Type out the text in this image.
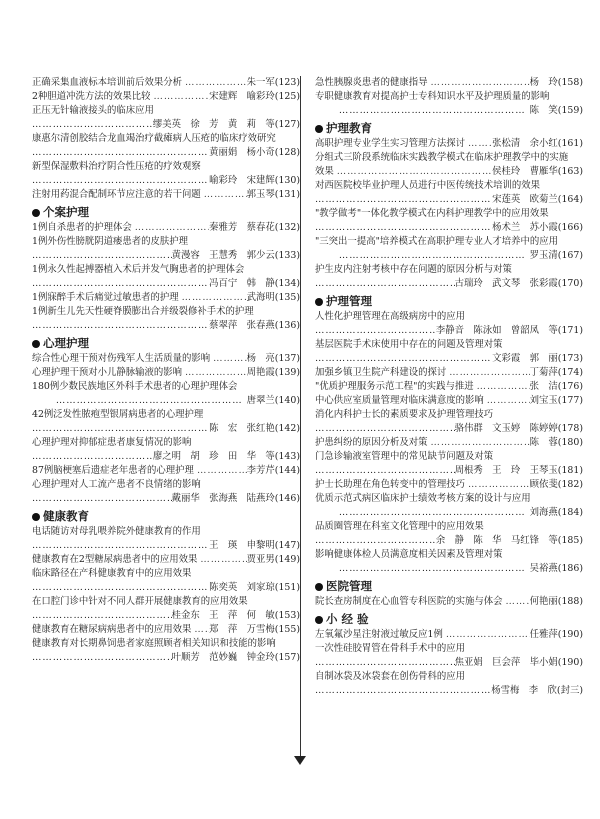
正确采集血液标本培训前后效果分析 ……………………………………………	朱一军 (123)
2种胆道冲洗方法的效果比较 ……………………………………………	宋建辉　喻彩玲 (125)
正压无针输液接头的临床应用
………………………………………………
缪美英　徐　芳　黄　莉　等 (127)
康惠尔清创胶结合龙血竭治疗截瘫病人压疮的临床疗效研究
………………………………………………
黄丽娟　杨小奇 (128)
新型保湿敷料治疗阴合性压疮的疗效观察
………………………………………………
喻彩玲　宋建辉 (130)
注射用药混合配制环节应注意的若干问题 ……………………………………………	郭玉琴 (131)
个案护理
1例自杀患者的护理体会 ……………………………………………	秦雅芳　蔡春花 (132)
1例外伤性膀胱阴道瘘患者的皮肤护理
………………………………………………
黄漫容　王慧秀　郭少云 (133)
1例永久性起搏器植入术后并发气胸患者的护理体会
………………………………………………
冯百宁　韩　静 (134)
1例寐醉手术后痛觉过敏患者的护理 ……………………………………………	武海明 (135)
1例新生儿先天性硬脊膜膨出合并级裂修补手术的护理
………………………………………………
蔡翠萍　张春燕 (136)
心理护理
综合性心理干预对伤残军人生活质量的影响 ……………………………………………	杨　亮 (137)
心理护理干预对小儿静脉输液的影响 ……………………………………………	周艳霞 (139)
180例少数民族地区外科手术患者的心理护理体会
………………………………………………
唐翠兰 (140)
42例泛发性脓疱型银屑病患者的心理护理
………………………………………………
陈　宏　张红艳 (142)
心理护理对抑郁症患者康复情况的影响
………………………………………………
廖之明　胡　珍　田　华　等 (143)
87例脑梗塞后遗症老年患者的心理护理 ……………………………………………	李芳芹 (144)
心理护理对人工流产患者不良情绪的影响
………………………………………………
戴丽华　张海燕　陆燕玲 (146)
健康教育
电话随访对母乳喂养院外健康教育的作用
………………………………………………
王　瑛　申黎明 (147)
健康教育在2型糖尿病患者中的应用效果 ……………………………………………	贾亚男 (149)
临床路径在产科健康教育中的应用效果
………………………………………………
陈奕英　刘家琼 (151)
在口腔门诊中针对不同人群开展健康教育的应用效果
………………………………………………
桂金东　王　萍　何　敏 (153)
健康教育在糖尿病病患者中的应用效果 …………………………………………… 郑　萍　万雪梅 (155)
健康教育对长期鼻饲患者家庭照顾者相关知识和技能的影响
………………………………………………
叶顺芳　范妙巍　钟金玲 (157)
急性胰腺炎患者的健康指导 ……………………………………………	杨　玲 (158)
专职健康教育对提高护士专科知识水平及护理质量的影响
………………………………………………
陈　笑 (159)
护理教育
高职护理专业学生实习管理方法探讨 ……………………………………………	张松清　余小红 (161)
分组式三阶段系统临床实践教学模式在临床护理教学中的实施
效果 ……………………………………………	侯桂玲　曹雁华 (163)
对西医院校毕业护理人员进行中医传统技术培训的效果
………………………………………………
宋莲英　欧菊兰 (164)
"教学做考"一体化教学模式在内科护理教学中的应用效果
………………………………………………
杨术兰　苏小霞 (166)
"三突出一提高"培养模式在高职护理专业人才培养中的应用
………………………………………………
罗玉清 (167)
护生皮内注射考核中存在问题的原因分析与对策
………………………………………………
古瑞玲　武文琴　张彩霞 (170)
护理管理
人性化护理管理在高级病房中的应用
………………………………………………
李静音　陈泳如　曾韶凤　等 (171)
基层医院手术床使用中存在的问题及管理对策
………………………………………………
文彩霞　郭　丽 (173)
加强乡镇卫生院产科建设的探讨 ……………………………………………	丁菊萍 (174)
"优质护理服务示范工程"的实践与推进 ……………………………………………	张　洁 (176)
中心供应室质量管理对临床满意度的影响 ……………………………………………	刘宝玉 (177)
消化内科护士长的素质要求及护理管理技巧
………………………………………………
骆伟群　文玉婷　陈婷婷 (178)
护患纠纷的原因分析及对策 ……………………………………………	陈　蓉 (180)
门急诊输液室管理中的常见缺节问题及对策
………………………………………………
周根秀　王　玲　王琴玉 (181)
护士长助理在角色转变中的管理技巧 ……………………………………………	顾依斐 (182)
优质示范式病区临床护士绩效考核方案的设计与应用
………………………………………………
刘海燕 (184)
品质圈管理在科室文化管理中的应用效果
………………………………………………
余　静　陈　华　马红锋　等 (185)
影响健康体检人员满意度相关因素及管理对策
………………………………………………
吴裕燕 (186)
医院管理
院长查房制度在心血管专科医院的实施与体会 ……………………………………………	何艳丽 (188)
小 经 验
左氧氟沙星注射液过敏反应1例 ……………………………………………	任雅萍 (190)
一次性硅胶胃管在骨科手术中的应用
………………………………………………
焦亚娟　巨会萍　毕小娟 (190)
自制冰袋及冰袋套在创伤骨科的应用
………………………………………………
杨雪梅　李　欣 (封三)
